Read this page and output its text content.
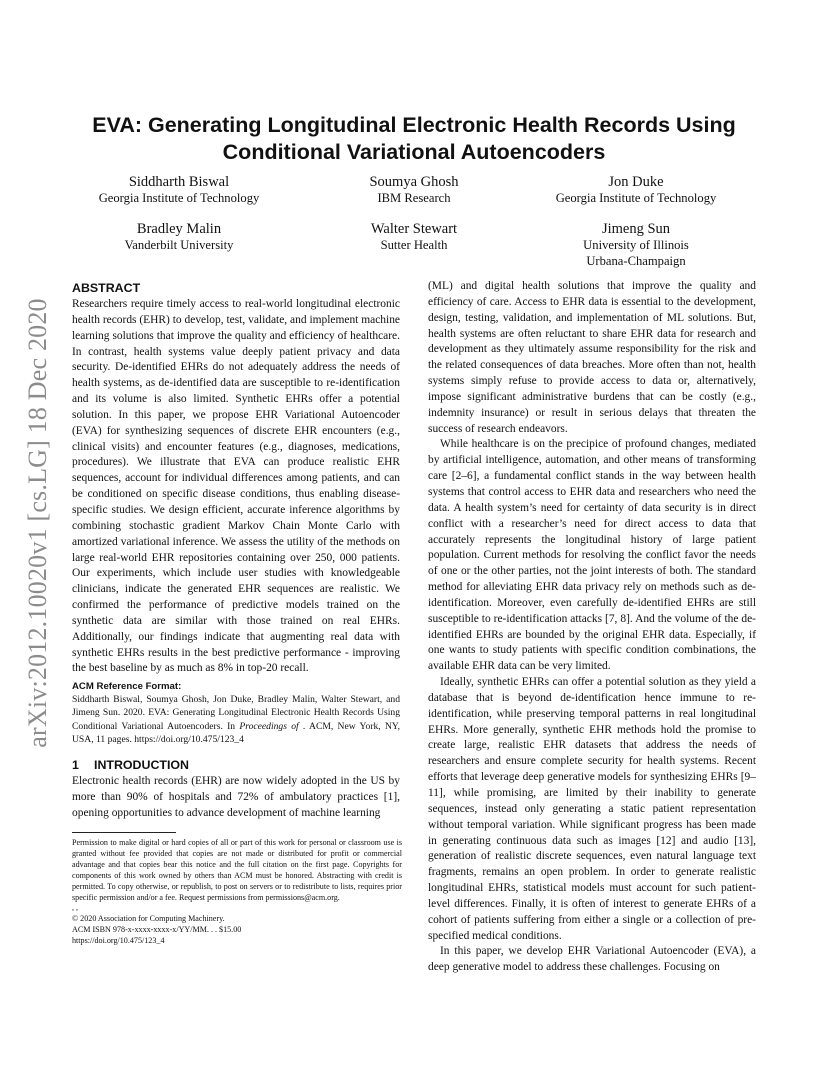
arXiv:2012.10020v1 [cs.LG] 18 Dec 2020
EVA: Generating Longitudinal Electronic Health Records Using
Conditional Variational Autoencoders
Siddharth Biswal
Georgia Institute of Technology
Soumya Ghosh
IBM Research
Jon Duke
Georgia Institute of Technology
Bradley Malin
Vanderbilt University
Walter Stewart
Sutter Health
Jimeng Sun
University of Illinois
Urbana-Champaign
ABSTRACT

Researchers require timely access to real-world longitudinal electronic health records (EHR) to develop, test, validate, and implement machine learning solutions that improve the quality and efficiency of healthcare. In contrast, health systems value deeply patient privacy and data security. De-identified EHRs do not adequately address the needs of health systems, as de-identified data are susceptible to re-identification and its volume is also limited. Synthetic EHRs offer a potential solution. In this paper, we propose EHR Variational Autoencoder (EVA) for synthesizing sequences of discrete EHR encounters (e.g., clinical visits) and encounter features (e.g., diagnoses, medications, procedures). We illustrate that EVA can produce realistic EHR sequences, account for individual differences among patients, and can be conditioned on specific disease conditions, thus enabling disease-specific studies. We design efficient, accurate inference algorithms by combining stochastic gradient Markov Chain Monte Carlo with amortized variational inference. We assess the utility of the methods on large real-world EHR repositories containing over 250, 000 patients. Our experiments, which include user studies with knowledgeable clinicians, indicate the generated EHR sequences are realistic. We confirmed the performance of predictive models trained on the synthetic data are similar with those trained on real EHRs. Additionally, our findings indicate that augmenting real data with synthetic EHRs results in the best predictive performance - improving the best baseline by as much as 8% in top-20 recall.

ACM Reference Format:
Siddharth Biswal, Soumya Ghosh, Jon Duke, Bradley Malin, Walter Stewart, and Jimeng Sun. 2020. EVA: Generating Longitudinal Electronic Health Records Using Conditional Variational Autoencoders. In Proceedings of . ACM, New York, NY, USA, 11 pages. https://doi.org/10.475/123_4
1 INTRODUCTION

Electronic health records (EHR) are now widely adopted in the US by more than 90% of hospitals and 72% of ambulatory practices [1], opening opportunities to advance development of machine learning

Permission to make digital or hard copies of all or part of this work for personal or classroom use is granted without fee provided that copies are not made or distributed for profit or commercial advantage and that copies bear this notice and the full citation on the first page. Copyrights for components of this work owned by others than ACM must be honored. Abstracting with credit is permitted. To copy otherwise, or republish, to post on servers or to redistribute to lists, requires prior specific permission and/or a fee. Request permissions from permissions@acm.org.

, ,
© 2020 Association for Computing Machinery.
ACM ISBN 978-x-xxxx-xxxx-x/YY/MM. . . $15.00
https://doi.org/10.475/123_4

(ML) and digital health solutions that improve the quality and efficiency of care. Access to EHR data is essential to the development, design, testing, validation, and implementation of ML solutions. But, health systems are often reluctant to share EHR data for research and development as they ultimately assume responsibility for the risk and the related consequences of data breaches. More often than not, health systems simply refuse to provide access to data or, alternatively, impose significant administrative burdens that can be costly (e.g., indemnity insurance) or result in serious delays that threaten the success of research endeavors.

While healthcare is on the precipice of profound changes, mediated by artificial intelligence, automation, and other means of transforming care [2–6], a fundamental conflict stands in the way between health systems that control access to EHR data and researchers who need the data. A health system’s need for certainty of data security is in direct conflict with a researcher’s need for direct access to data that accurately represents the longitudinal history of large patient population. Current methods for resolving the conflict favor the needs of one or the other parties, not the joint interests of both. The standard method for alleviating EHR data privacy rely on methods such as de-identification. Moreover, even carefully de-identified EHRs are still susceptible to re-identification attacks [7, 8]. And the volume of the de-identified EHRs are bounded by the original EHR data. Especially, if one wants to study patients with specific condition combinations, the available EHR data can be very limited.

Ideally, synthetic EHRs can offer a potential solution as they yield a database that is beyond de-identification hence immune to re-identification, while preserving temporal patterns in real longitudinal EHRs. More generally, synthetic EHR methods hold the promise to create large, realistic EHR datasets that address the needs of researchers and ensure complete security for health systems. Recent efforts that leverage deep generative models for synthesizing EHRs [9–11], while promising, are limited by their inability to generate sequences, instead only generating a static patient representation without temporal variation. While significant progress has been made in generating continuous data such as images [12] and audio [13], generation of realistic discrete sequences, even natural language text fragments, remains an open problem. In order to generate realistic longitudinal EHRs, statistical models must account for such patient-level differences. Finally, it is often of interest to generate EHRs of a cohort of patients suffering from either a single or a collection of pre-specified medical conditions.

In this paper, we develop EHR Variational Autoencoder (EVA), a deep generative model to address these challenges. Focusing on
